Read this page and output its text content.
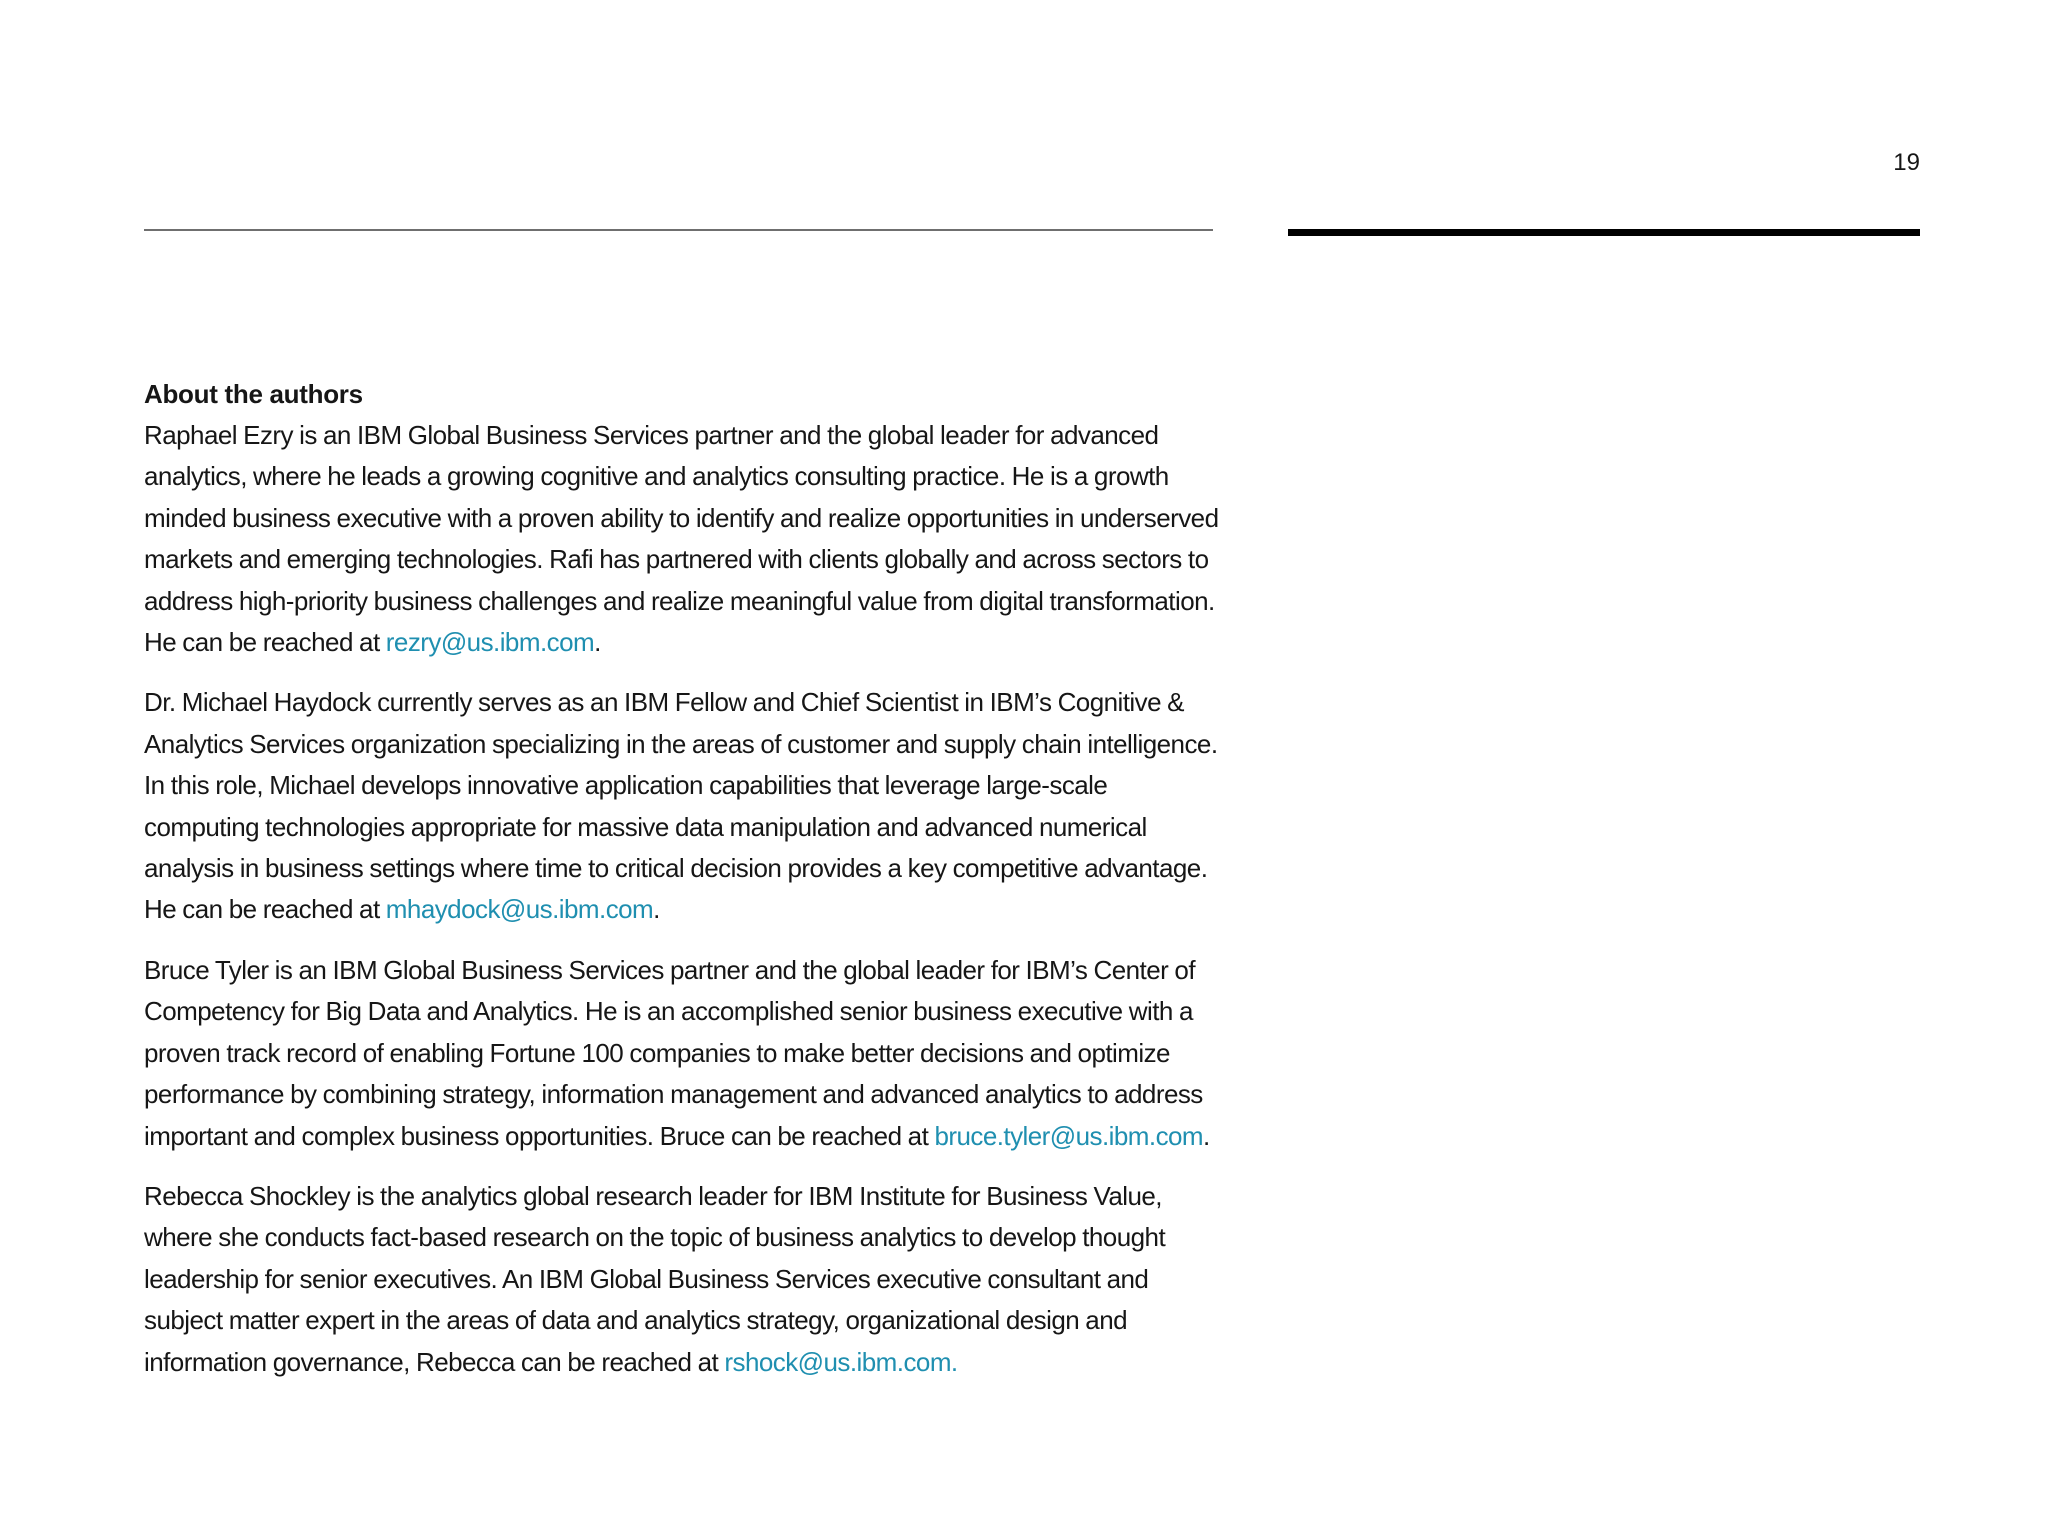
19

About the authors

Raphael Ezry is an IBM Global Business Services partner and the global leader for advanced analytics, where he leads a growing cognitive and analytics consulting practice. He is a growth minded business executive with a proven ability to identify and realize opportunities in underserved markets and emerging technologies. Rafi has partnered with clients globally and across sectors to address high-priority business challenges and realize meaningful value from digital transformation. He can be reached at rezry@us.ibm.com.

Dr. Michael Haydock currently serves as an IBM Fellow and Chief Scientist in IBM’s Cognitive & Analytics Services organization specializing in the areas of customer and supply chain intelligence. In this role, Michael develops innovative application capabilities that leverage large-scale computing technologies appropriate for massive data manipulation and advanced numerical analysis in business settings where time to critical decision provides a key competitive advantage. He can be reached at mhaydock@us.ibm.com.

Bruce Tyler is an IBM Global Business Services partner and the global leader for IBM’s Center of Competency for Big Data and Analytics. He is an accomplished senior business executive with a proven track record of enabling Fortune 100 companies to make better decisions and optimize performance by combining strategy, information management and advanced analytics to address important and complex business opportunities. Bruce can be reached at bruce.tyler@us.ibm.com.

Rebecca Shockley is the analytics global research leader for IBM Institute for Business Value, where she conducts fact-based research on the topic of business analytics to develop thought leadership for senior executives. An IBM Global Business Services executive consultant and subject matter expert in the areas of data and analytics strategy, organizational design and information governance, Rebecca can be reached at rshock@us.ibm.com.
